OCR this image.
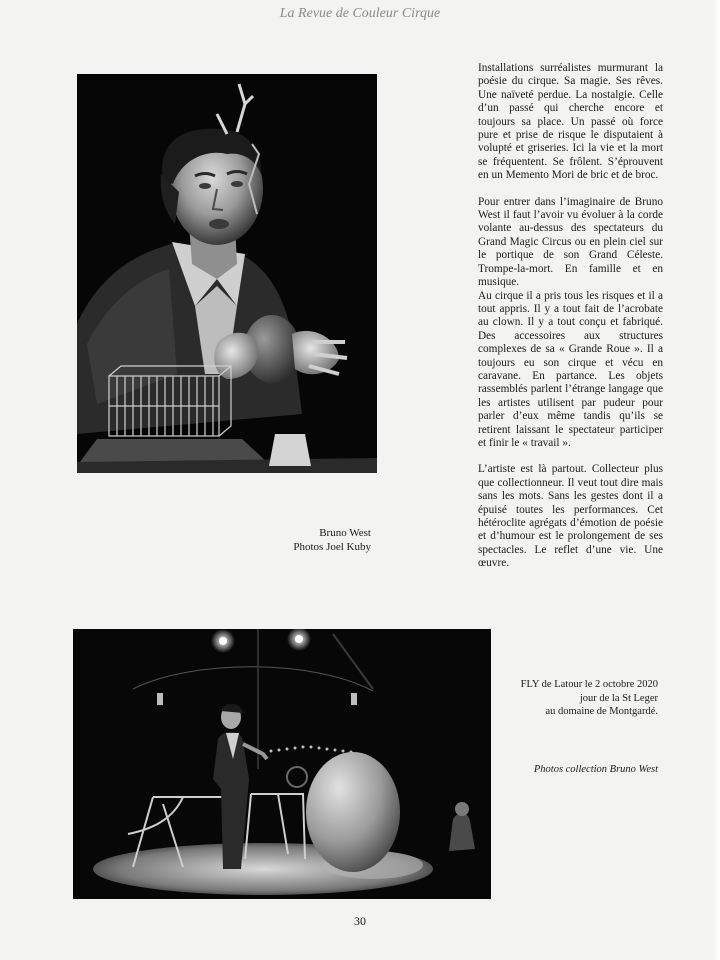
La Revue de Couleur Cirque

Installations surréalistes murmurant la poésie du cirque. Sa magie. Ses rêves. Une naïveté perdue. La nostalgie. Celle d’un passé qui cherche encore et toujours sa place. Un passé où force pure et prise de risque le disputaient à volupté et griseries. Ici la vie et la mort se fréquentent. Se frôlent. S’éprouvent en un Memento Mori de bric et de broc.

Pour entrer dans l’imaginaire de Bruno West il faut l’avoir vu évoluer à la corde volante au-dessus des spectateurs du Grand Magic Circus ou en plein ciel sur le portique de son Grand Céleste. Trompe-la-mort. En famille et en musique.

Au cirque il a pris tous les risques et il a tout appris. Il y a tout fait de l’acrobate au clown. Il y a tout conçu et fabriqué. Des accessoires aux structures complexes de sa « Grande Roue ». Il a toujours eu son cirque et vécu en caravane. En partance. Les objets rassemblés parlent l’étrange langage que les artistes utilisent par pudeur pour parler d’eux même tandis qu’ils se retirent laissant le spectateur participer et finir le « travail ».

L’artiste est là partout. Collecteur plus que collectionneur. Il veut tout dire mais sans les mots. Sans les gestes dont il a épuisé toutes les performances. Cet hétéroclite agrégats d’émotion de poésie et d’humour est le prolongement de ses spectacles. Le reflet d’une vie. Une œuvre.

Bruno West
Photos Joel Kuby
FLY de Latour le 2 octobre 2020
jour de la St Leger
au domaine de Montgardé.
Photos collection Bruno West
30
